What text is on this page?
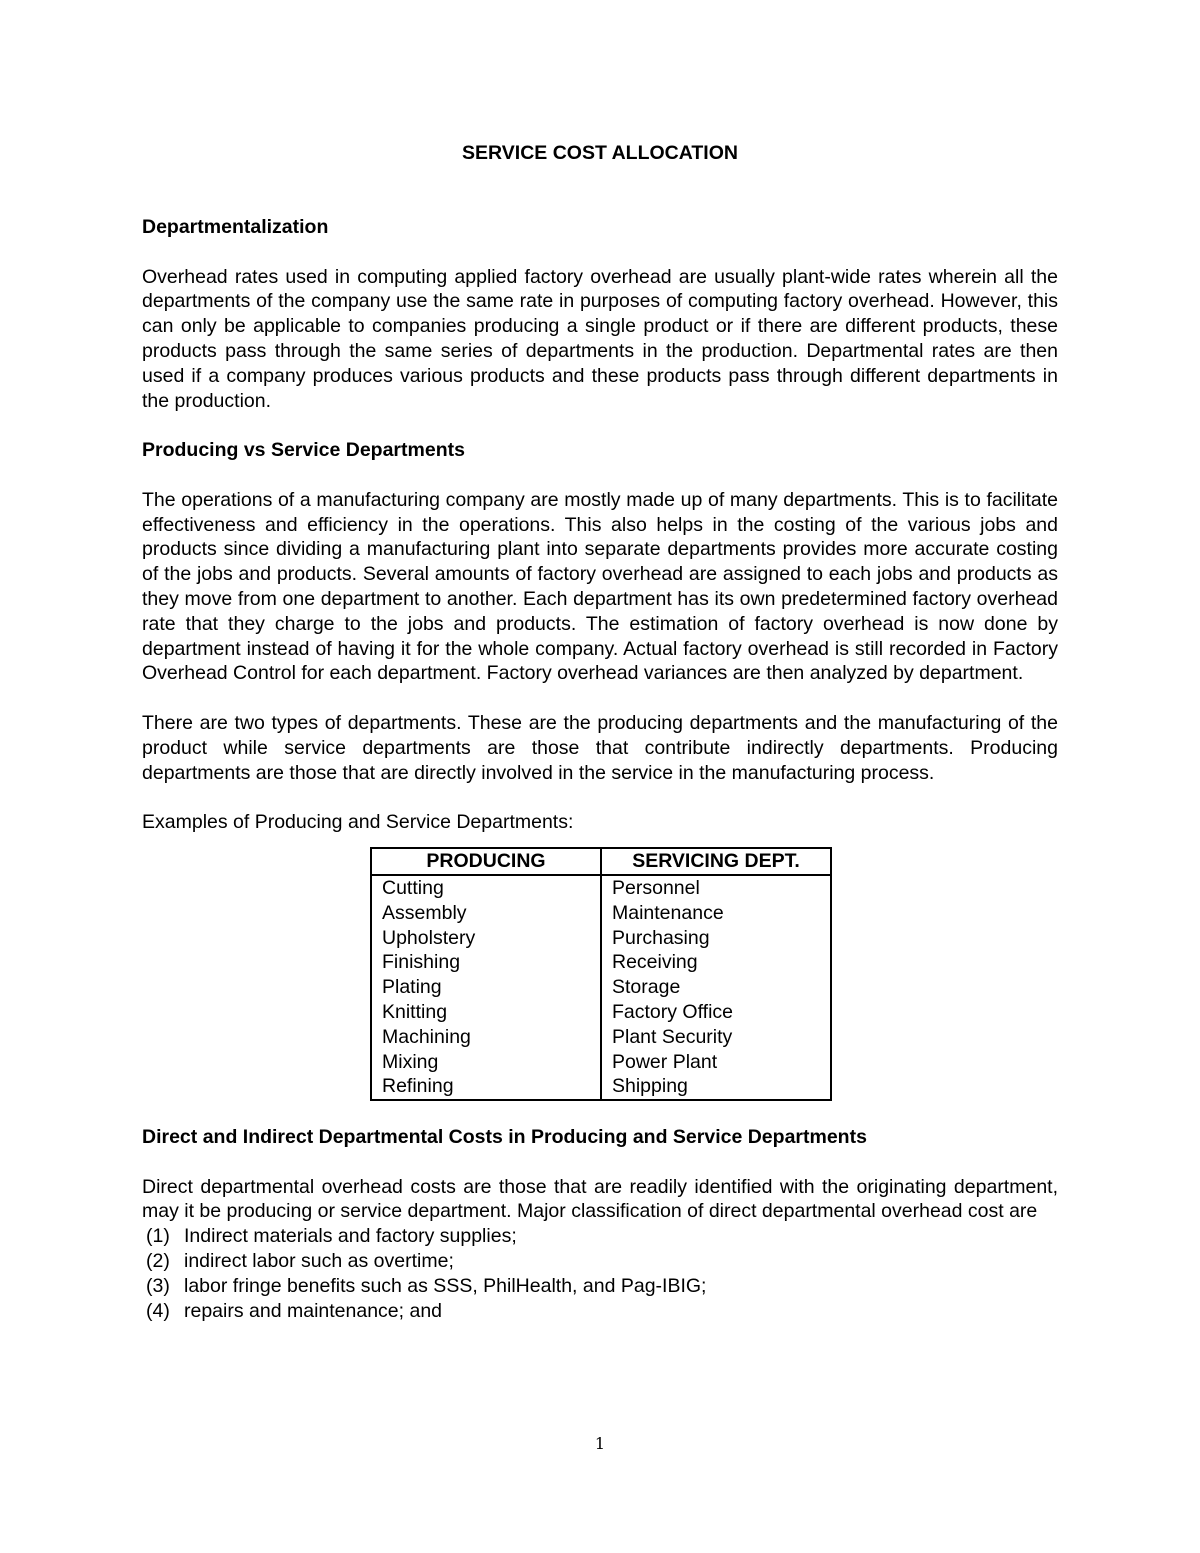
SERVICE COST ALLOCATION
Departmentalization
Overhead rates used in computing applied factory overhead are usually plant-wide rates wherein all the departments of the company use the same rate in purposes of computing factory overhead. However, this can only be applicable to companies producing a single product or if there are different products, these products pass through the same series of departments in the production. Departmental rates are then used if a company produces various products and these products pass through different departments in the production.
Producing vs Service Departments
The operations of a manufacturing company are mostly made up of many departments. This is to facilitate effectiveness and efficiency in the operations. This also helps in the costing of the various jobs and products since dividing a manufacturing plant into separate departments provides more accurate costing of the jobs and products. Several amounts of factory overhead are assigned to each jobs and products as they move from one department to another. Each department has its own predetermined factory overhead rate that they charge to the jobs and products. The estimation of factory overhead is now done by department instead of having it for the whole company. Actual factory overhead is still recorded in Factory Overhead Control for each department. Factory overhead variances are then analyzed by department.
There are two types of departments. These are the producing departments and the manufacturing of the product while service departments are those that contribute indirectly departments. Producing departments are those that are directly involved in the service in the manufacturing process.
Examples of Producing and Service Departments:
PRODUCING	SERVICING DEPT.
Cutting	Personnel
Assembly	Maintenance
Upholstery	Purchasing
Finishing	Receiving
Plating	Storage
Knitting	Factory Office
Machining	Plant Security
Mixing	Power Plant
Refining	Shipping
Direct and Indirect Departmental Costs in Producing and Service Departments
Direct departmental overhead costs are those that are readily identified with the originating department, may it be producing or service department. Major classification of direct departmental overhead cost are
(1) Indirect materials and factory supplies;
(2) indirect labor such as overtime;
(3) labor fringe benefits such as SSS, PhilHealth, and Pag-IBIG;
(4) repairs and maintenance; and
1
